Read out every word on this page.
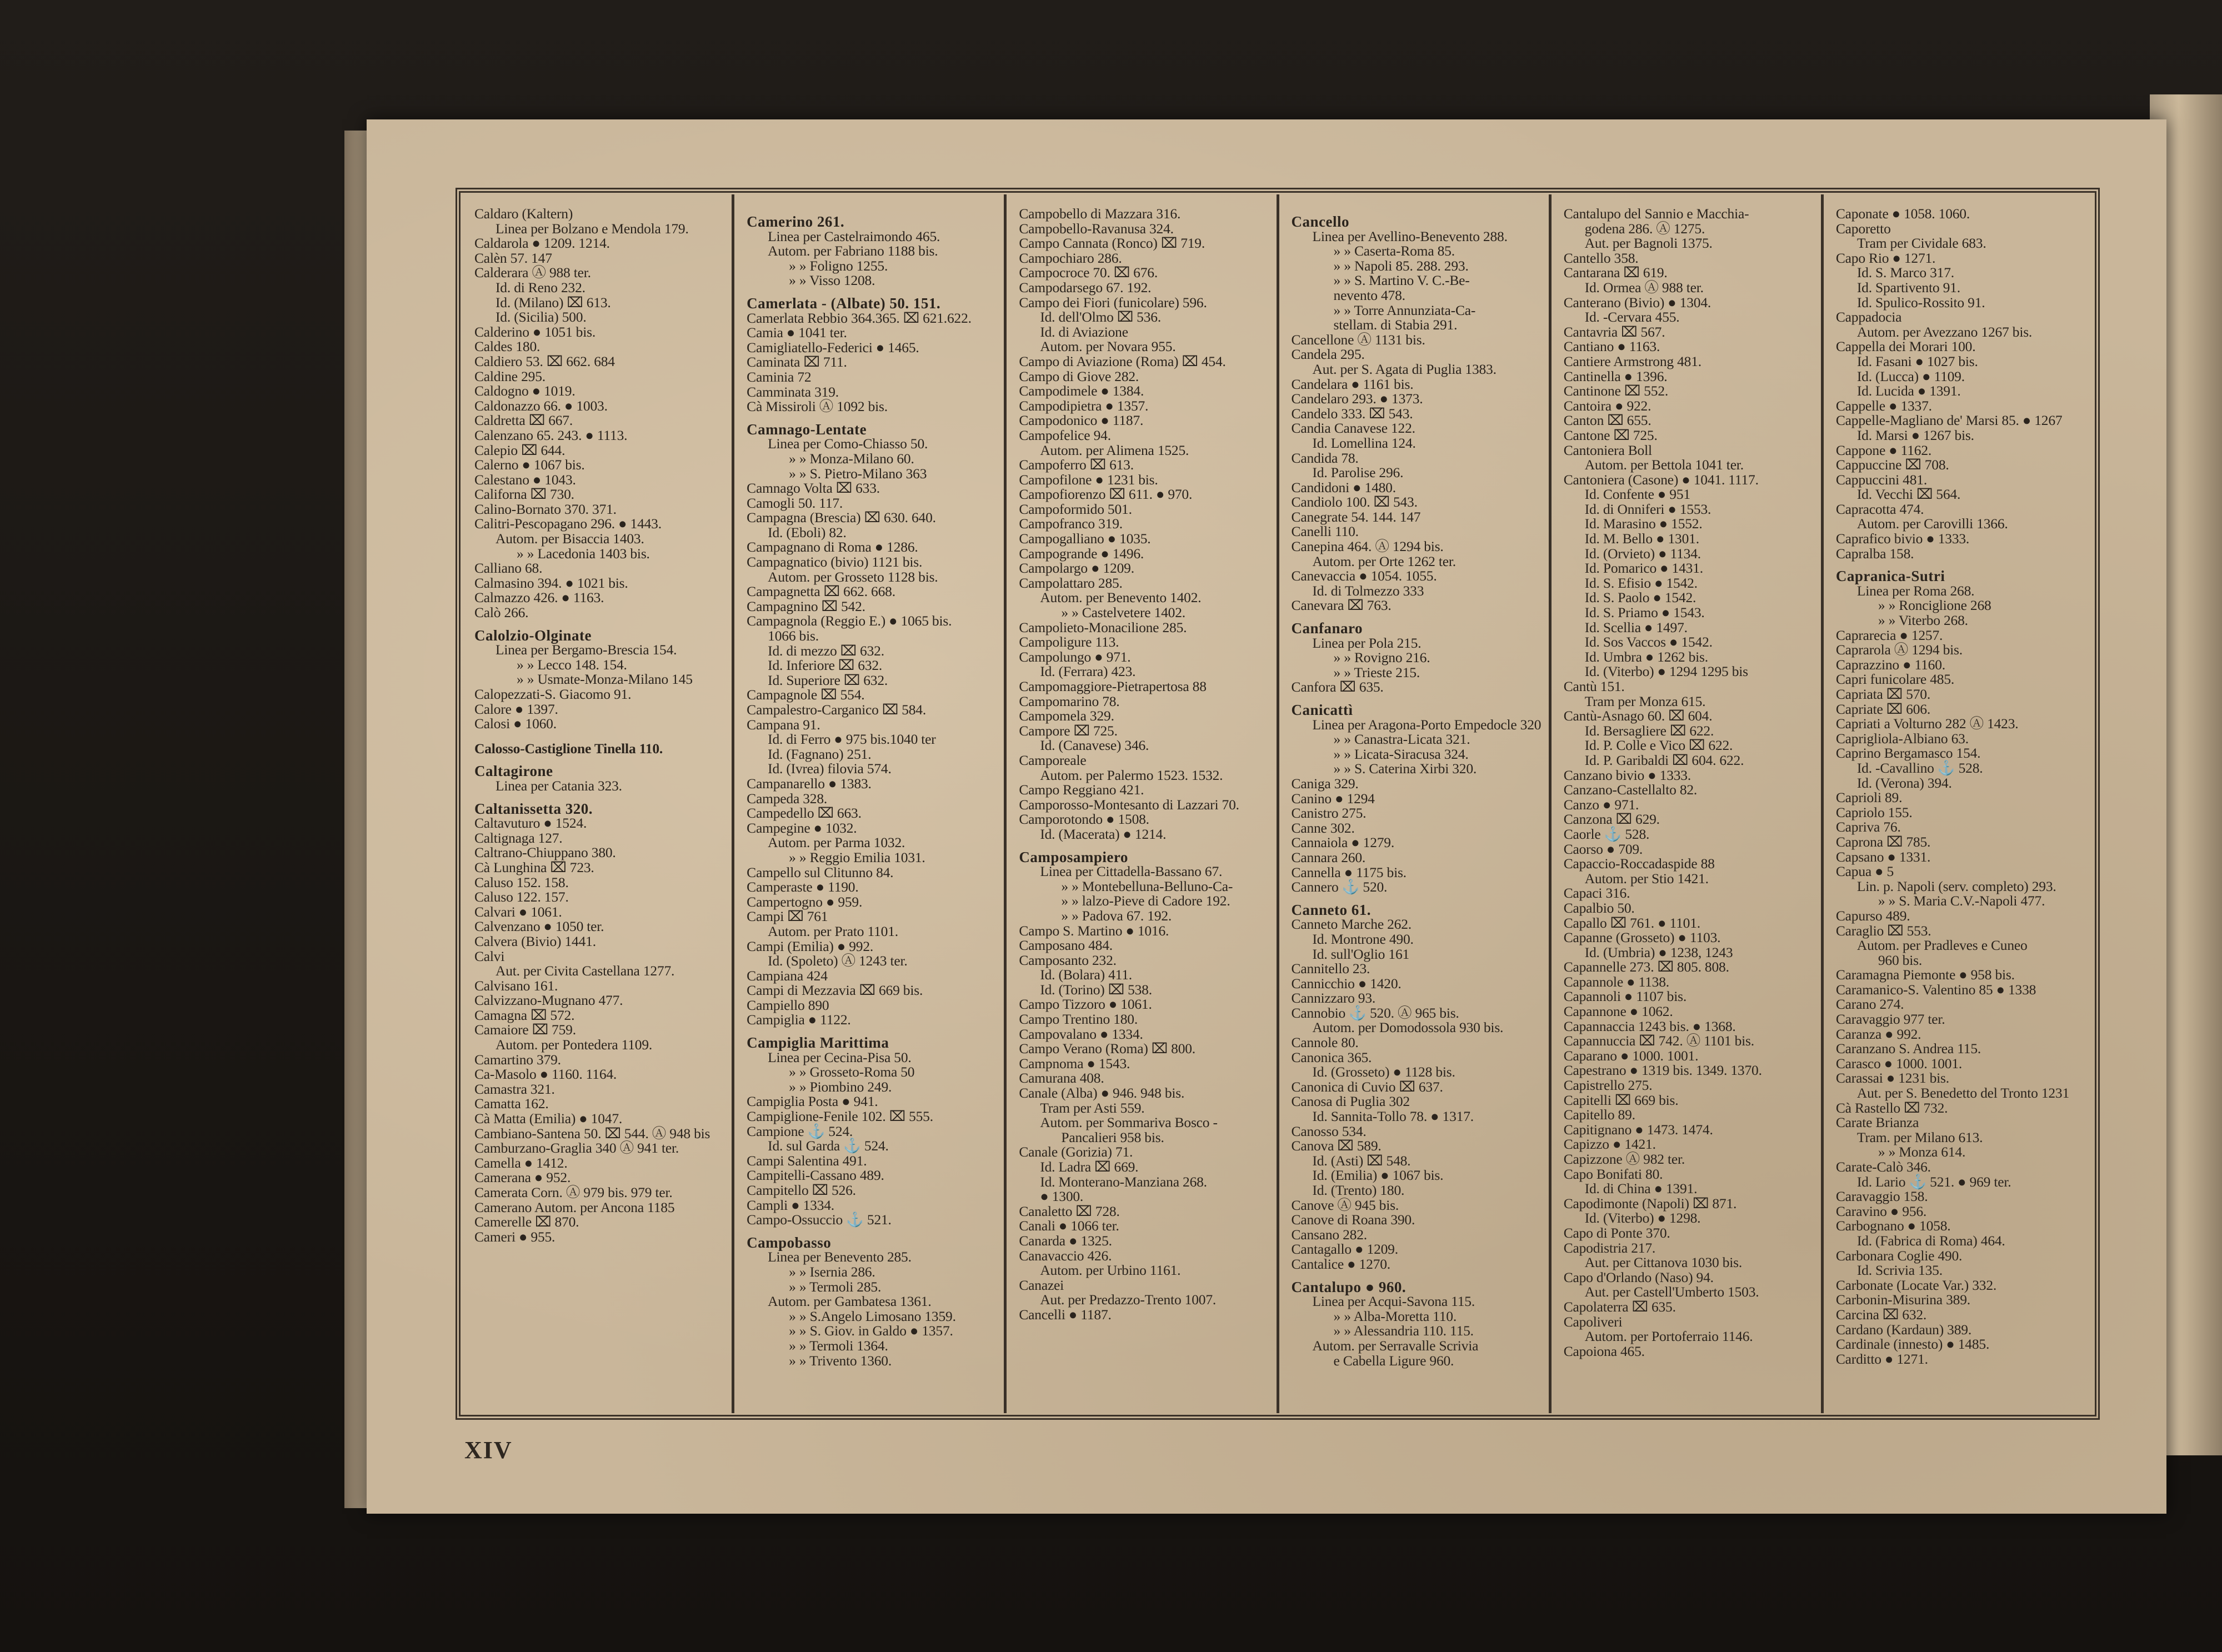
Caldaro (Kaltern)
Linea per Bolzano e Mendola 179.
Caldarola ● 1209. 1214.
Calèn 57. 147
Calderara Ⓐ 988 ter.
Id. di Reno 232.
Id. (Milano) ⌧ 613.
Id. (Sicilia) 500.
Calderino ● 1051 bis.
Caldes 180.
Caldiero 53. ⌧ 662. 684
Caldine 295.
Caldogno ● 1019.
Caldonazzo 66. ● 1003.
Caldretta ⌧ 667.
Calenzano 65. 243. ● 1113.
Calepio ⌧ 644.
Calerno ● 1067 bis.
Calestano ● 1043.
Californa ⌧ 730.
Calino-Bornato 370. 371.
Calitri-Pescopagano 296. ● 1443.
Autom. per Bisaccia 1403.
» » Lacedonia 1403 bis.
Calliano 68.
Calmasino 394. ● 1021 bis.
Calmazzo 426. ● 1163.
Calò 266.
Calolzio-Olginate
Linea per Bergamo-Brescia 154.
» » Lecco 148. 154.
» » Usmate-Monza-Milano 145
Calopezzati-S. Giacomo 91.
Calore ● 1397.
Calosi ● 1060.
Calosso-Castiglione Tinella 110.
Caltagirone
Linea per Catania 323.
Caltanissetta 320.
Caltavuturo ● 1524.
Caltignaga 127.
Caltrano-Chiuppano 380.
Cà Lunghina ⌧ 723.
Caluso 152. 158.
Caluso 122. 157.
Calvari ● 1061.
Calvenzano ● 1050 ter.
Calvera (Bivio) 1441.
Calvi
Aut. per Civita Castellana 1277.
Calvisano 161.
Calvizzano-Mugnano 477.
Camagna ⌧ 572.
Camaiore ⌧ 759.
Autom. per Pontedera 1109.
Camartino 379.
Ca-Masolo ● 1160. 1164.
Camastra 321.
Camatta 162.
Cà Matta (Emilia) ● 1047.
Cambiano-Santena 50. ⌧ 544. Ⓐ 948 bis
Camburzano-Graglia 340 Ⓐ 941 ter.
Camella ● 1412.
Camerana ● 952.
Camerata Corn. Ⓐ 979 bis. 979 ter.
Camerano Autom. per Ancona 1185
Camerelle ⌧ 870.
Cameri ● 955.
Camerino 261.
Linea per Castelraimondo 465.
Autom. per Fabriano 1188 bis.
» » Foligno 1255.
» » Visso 1208.
Camerlata - (Albate) 50. 151.
Camerlata Rebbio 364.365. ⌧ 621.622.
Camia ● 1041 ter.
Camigliatello-Federici ● 1465.
Caminata ⌧ 711.
Caminia 72
Camminata 319.
Cà Missiroli Ⓐ 1092 bis.
Camnago-Lentate
Linea per Como-Chiasso 50.
» » Monza-Milano 60.
» » S. Pietro-Milano 363
Camnago Volta ⌧ 633.
Camogli 50. 117.
Campagna (Brescia) ⌧ 630. 640.
Id. (Eboli) 82.
Campagnano di Roma ● 1286.
Campagnatico (bivio) 1121 bis.
Autom. per Grosseto 1128 bis.
Campagnetta ⌧ 662. 668.
Campagnino ⌧ 542.
Campagnola (Reggio E.) ● 1065 bis.
1066 bis.
Id. di mezzo ⌧ 632.
Id. Inferiore ⌧ 632.
Id. Superiore ⌧ 632.
Campagnole ⌧ 554.
Campalestro-Carganico ⌧ 584.
Campana 91.
Id. di Ferro ● 975 bis.1040 ter
Id. (Fagnano) 251.
Id. (Ivrea) filovia 574.
Campanarello ● 1383.
Campeda 328.
Campedello ⌧ 663.
Campegine ● 1032.
Autom. per Parma 1032.
» » Reggio Emilia 1031.
Campello sul Clitunno 84.
Camperaste ● 1190.
Campertogno ● 959.
Campi ⌧ 761
Autom. per Prato 1101.
Campi (Emilia) ● 992.
Id. (Spoleto) Ⓐ 1243 ter.
Campiana 424
Campi di Mezzavia ⌧ 669 bis.
Campiello 890
Campiglia ● 1122.
Campiglia Marittima
Linea per Cecina-Pisa 50.
» » Grosseto-Roma 50
» » Piombino 249.
Campiglia Posta ● 941.
Campiglione-Fenile 102. ⌧ 555.
Campione ⚓ 524.
Id. sul Garda ⚓ 524.
Campi Salentina 491.
Campitelli-Cassano 489.
Campitello ⌧ 526.
Campli ● 1334.
Campo-Ossuccio ⚓ 521.
Campobasso
Linea per Benevento 285.
» » Isernia 286.
» » Termoli 285.
Autom. per Gambatesa 1361.
» » S.Angelo Limosano 1359.
» » S. Giov. in Galdo ● 1357.
» » Termoli 1364.
» » Trivento 1360.
Campobello di Mazzara 316.
Campobello-Ravanusa 324.
Campo Cannata (Ronco) ⌧ 719.
Campochiaro 286.
Campocroce 70. ⌧ 676.
Campodarsego 67. 192.
Campo dei Fiori (funicolare) 596.
Id. dell'Olmo ⌧ 536.
Id. di Aviazione
Autom. per Novara 955.
Campo di Aviazione (Roma) ⌧ 454.
Campo di Giove 282.
Campodimele ● 1384.
Campodipietra ● 1357.
Campodonico ● 1187.
Campofelice 94.
Autom. per Alimena 1525.
Campoferro ⌧ 613.
Campofilone ● 1231 bis.
Campofiorenzo ⌧ 611. ● 970.
Campoformido 501.
Campofranco 319.
Campogalliano ● 1035.
Campogrande ● 1496.
Campolargo ● 1209.
Campolattaro 285.
Autom. per Benevento 1402.
» » Castelvetere 1402.
Campolieto-Monacilione 285.
Campoligure 113.
Campolungo ● 971.
Id. (Ferrara) 423.
Campomaggiore-Pietrapertosa 88
Campomarino 78.
Campomela 329.
Campore ⌧ 725.
Id. (Canavese) 346.
Camporeale
Autom. per Palermo 1523. 1532.
Campo Reggiano 421.
Camporosso-Montesanto di Lazzari 70.
Camporotondo ● 1508.
Id. (Macerata) ● 1214.
Camposampiero
Linea per Cittadella-Bassano 67.
» » Montebelluna-Belluno-Ca-
» » lalzo-Pieve di Cadore 192.
» » Padova 67. 192.
Campo S. Martino ● 1016.
Camposano 484.
Camposanto 232.
Id. (Bolara) 411.
Id. (Torino) ⌧ 538.
Campo Tizzoro ● 1061.
Campo Trentino 180.
Campovalano ● 1334.
Campo Verano (Roma) ⌧ 800.
Campnoma ● 1543.
Camurana 408.
Canale (Alba) ● 946. 948 bis.
Tram per Asti 559.
Autom. per Sommariva Bosco -
Pancalieri 958 bis.
Canale (Gorizia) 71.
Id. Ladra ⌧ 669.
Id. Monterano-Manziana 268.
● 1300.
Canaletto ⌧ 728.
Canali ● 1066 ter.
Canarda ● 1325.
Canavaccio 426.
Autom. per Urbino 1161.
Canazei
Aut. per Predazzo-Trento 1007.
Cancelli ● 1187.
Cancello
Linea per Avellino-Benevento 288.
» » Caserta-Roma 85.
» » Napoli 85. 288. 293.
» » S. Martino V. C.-Be-
nevento 478.
» » Torre Annunziata-Ca-
stellam. di Stabia 291.
Cancellone Ⓐ 1131 bis.
Candela 295.
Aut. per S. Agata di Puglia 1383.
Candelara ● 1161 bis.
Candelaro 293. ● 1373.
Candelo 333. ⌧ 543.
Candia Canavese 122.
Id. Lomellina 124.
Candida 78.
Id. Parolise 296.
Candidoni ● 1480.
Candiolo 100. ⌧ 543.
Canegrate 54. 144. 147
Canelli 110.
Canepina 464. Ⓐ 1294 bis.
Autom. per Orte 1262 ter.
Canevaccia ● 1054. 1055.
Id. di Tolmezzo 333
Canevara ⌧ 763.
Canfanaro
Linea per Pola 215.
» » Rovigno 216.
» » Trieste 215.
Canfora ⌧ 635.
Canicattì
Linea per Aragona-Porto Empedocle 320
» » Canastra-Licata 321.
» » Licata-Siracusa 324.
» » S. Caterina Xirbi 320.
Caniga 329.
Canino ● 1294
Canistro 275.
Canne 302.
Cannaiola ● 1279.
Cannara 260.
Cannella ● 1175 bis.
Cannero ⚓ 520.
Canneto 61.
Canneto Marche 262.
Id. Montrone 490.
Id. sull'Oglio 161
Cannitello 23.
Cannicchio ● 1420.
Cannizzaro 93.
Cannobio ⚓ 520. Ⓐ 965 bis.
Autom. per Domodossola 930 bis.
Cannole 80.
Canonica 365.
Id. (Grosseto) ● 1128 bis.
Canonica di Cuvio ⌧ 637.
Canosa di Puglia 302
Id. Sannita-Tollo 78. ● 1317.
Canosso 534.
Canova ⌧ 589.
Id. (Asti) ⌧ 548.
Id. (Emilia) ● 1067 bis.
Id. (Trento) 180.
Canove Ⓐ 945 bis.
Canove di Roana 390.
Cansano 282.
Cantagallo ● 1209.
Cantalice ● 1270.
Cantalupo ● 960.
Linea per Acqui-Savona 115.
» » Alba-Moretta 110.
» » Alessandria 110. 115.
Autom. per Serravalle Scrivia
e Cabella Ligure 960.
Cantalupo del Sannio e Macchia-
godena 286. Ⓐ 1275.
Aut. per Bagnoli 1375.
Cantello 358.
Cantarana ⌧ 619.
Id. Ormea Ⓐ 988 ter.
Canterano (Bivio) ● 1304.
Id. -Cervara 455.
Cantavria ⌧ 567.
Cantiano ● 1163.
Cantiere Armstrong 481.
Cantinella ● 1396.
Cantinone ⌧ 552.
Cantoira ● 922.
Canton ⌧ 655.
Cantone ⌧ 725.
Cantoniera Boll
Autom. per Bettola 1041 ter.
Cantoniera (Casone) ● 1041. 1117.
Id. Confente ● 951
Id. di Onniferi ● 1553.
Id. Marasino ● 1552.
Id. M. Bello ● 1301.
Id. (Orvieto) ● 1134.
Id. Pomarico ● 1431.
Id. S. Efisio ● 1542.
Id. S. Paolo ● 1542.
Id. S. Priamo ● 1543.
Id. Scellia ● 1497.
Id. Sos Vaccos ● 1542.
Id. Umbra ● 1262 bis.
Id. (Viterbo) ● 1294 1295 bis
Cantù 151.
Tram per Monza 615.
Cantù-Asnago 60. ⌧ 604.
Id. Bersagliere ⌧ 622.
Id. P. Colle e Vico ⌧ 622.
Id. P. Garibaldi ⌧ 604. 622.
Canzano bivio ● 1333.
Canzano-Castellalto 82.
Canzo ● 971.
Canzona ⌧ 629.
Caorle ⚓ 528.
Caorso ● 709.
Capaccio-Roccadaspide 88
Autom. per Stio 1421.
Capaci 316.
Capalbio 50.
Capallo ⌧ 761. ● 1101.
Capanne (Grosseto) ● 1103.
Id. (Umbria) ● 1238, 1243
Capannelle 273. ⌧ 805. 808.
Capannole ● 1138.
Capannoli ● 1107 bis.
Capannone ● 1062.
Capannaccia 1243 bis. ● 1368.
Capannuccia ⌧ 742. Ⓐ 1101 bis.
Caparano ● 1000. 1001.
Capestrano ● 1319 bis. 1349. 1370.
Capistrello 275.
Capitelli ⌧ 669 bis.
Capitello 89.
Capitignano ● 1473. 1474.
Capizzo ● 1421.
Capizzone Ⓐ 982 ter.
Capo Bonifati 80.
Id. di China ● 1391.
Capodimonte (Napoli) ⌧ 871.
Id. (Viterbo) ● 1298.
Capo di Ponte 370.
Capodistria 217.
Aut. per Cittanova 1030 bis.
Capo d'Orlando (Naso) 94.
Aut. per Castell'Umberto 1503.
Capolaterra ⌧ 635.
Capoliveri
Autom. per Portoferraio 1146.
Capoiona 465.
Caponate ● 1058. 1060.
Caporetto
Tram per Cividale 683.
Capo Rio ● 1271.
Id. S. Marco 317.
Id. Spartivento 91.
Id. Spulico-Rossito 91.
Cappadocia
Autom. per Avezzano 1267 bis.
Cappella dei Morari 100.
Id. Fasani ● 1027 bis.
Id. (Lucca) ● 1109.
Id. Lucida ● 1391.
Cappelle ● 1337.
Cappelle-Magliano de' Marsi 85. ● 1267
Id. Marsi ● 1267 bis.
Cappone ● 1162.
Cappuccine ⌧ 708.
Cappuccini 481.
Id. Vecchi ⌧ 564.
Capracotta 474.
Autom. per Carovilli 1366.
Caprafico bivio ● 1333.
Capralba 158.
Capranica-Sutri
Linea per Roma 268.
» » Ronciglione 268
» » Viterbo 268.
Caprarecia ● 1257.
Caprarola Ⓐ 1294 bis.
Caprazzino ● 1160.
Capri funicolare 485.
Capriata ⌧ 570.
Capriate ⌧ 606.
Capriati a Volturno 282 Ⓐ 1423.
Caprigliola-Albiano 63.
Caprino Bergamasco 154.
Id. -Cavallino ⚓ 528.
Id. (Verona) 394.
Caprioli 89.
Capriolo 155.
Capriva 76.
Caprona ⌧ 785.
Capsano ● 1331.
Capua ● 5
Lin. p. Napoli (serv. completo) 293.
» » S. Maria C.V.-Napoli 477.
Capurso 489.
Caraglio ⌧ 553.
Autom. per Pradleves e Cuneo
960 bis.
Caramagna Piemonte ● 958 bis.
Caramanico-S. Valentino 85 ● 1338
Carano 274.
Caravaggio 977 ter.
Caranza ● 992.
Caranzano S. Andrea 115.
Carasco ● 1000. 1001.
Carassai ● 1231 bis.
Aut. per S. Benedetto del Tronto 1231
Cà Rastello ⌧ 732.
Carate Brianza
Tram. per Milano 613.
» » Monza 614.
Carate-Calò 346.
Id. Lario ⚓ 521. ● 969 ter.
Caravaggio 158.
Caravino ● 956.
Carbognano ● 1058.
Id. (Fabrica di Roma) 464.
Carbonara Coglie 490.
Id. Scrivia 135.
Carbonate (Locate Var.) 332.
Carbonin-Misurina 389.
Carcina ⌧ 632.
Cardano (Kardaun) 389.
Cardinale (innesto) ● 1485.
Carditto ● 1271.
XIV
